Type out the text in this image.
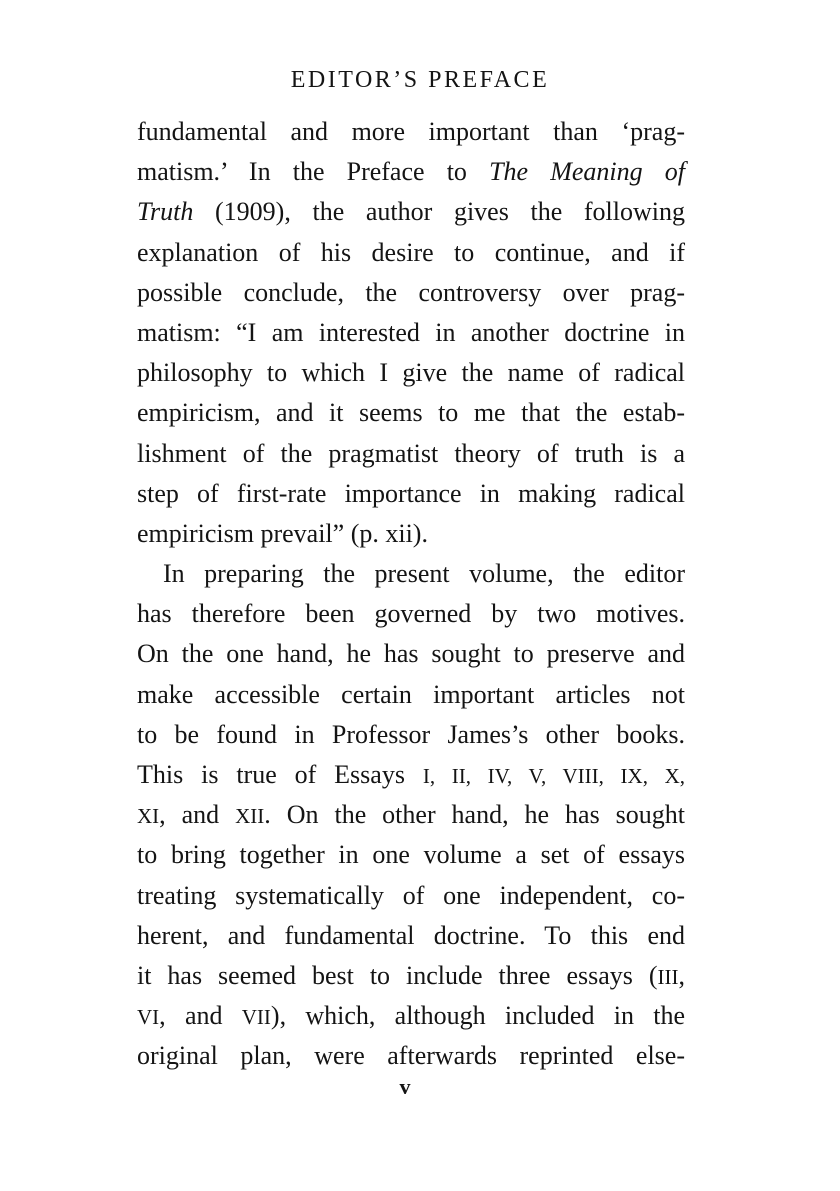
EDITOR’S PREFACE
fundamental and more important than ‘prag-
matism.’ In the Preface to The Meaning of
Truth (1909), the author gives the following
explanation of his desire to continue, and if
possible conclude, the controversy over prag-
matism: “I am interested in another doctrine in
philosophy to which I give the name of radical
empiricism, and it seems to me that the estab-
lishment of the pragmatist theory of truth is a
step of first-rate importance in making radical
empiricism prevail” (p. xii).
In preparing the present volume, the editor
has therefore been governed by two motives.
On the one hand, he has sought to preserve and
make accessible certain important articles not
to be found in Professor James’s other books.
This is true of Essays I, II, IV, V, VIII, IX, X,
XI, and XII. On the other hand, he has sought
to bring together in one volume a set of essays
treating systematically of one independent, co-
herent, and fundamental doctrine. To this end
it has seemed best to include three essays (III,
VI, and VII), which, although included in the
original plan, were afterwards reprinted else-
v
